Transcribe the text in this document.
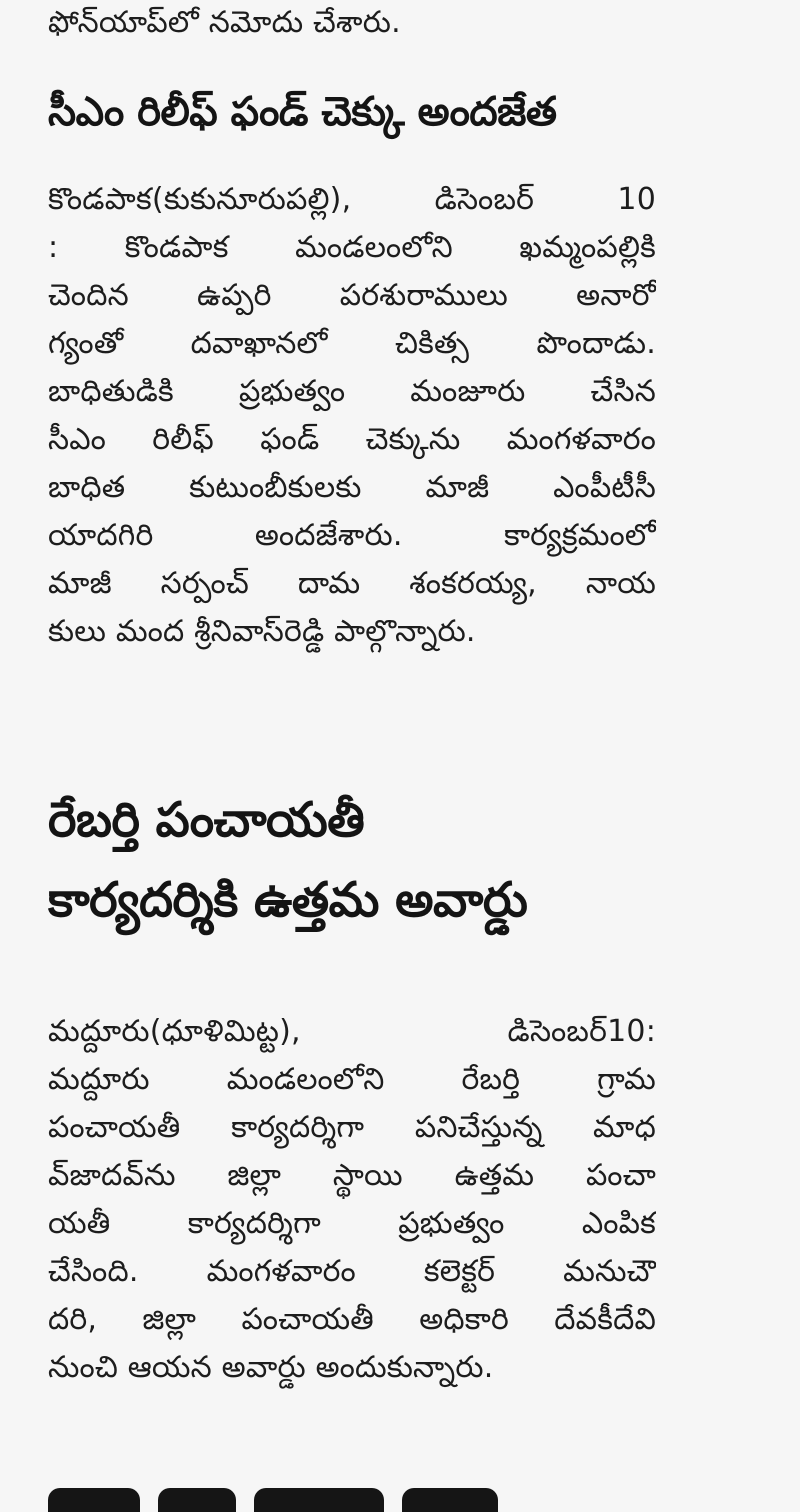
ఫోన్‌యాప్‌లో నమోదు చేశారు.
సీఎం రిలీఫ్ ఫండ్ చెక్కు అందజేత
కొండపాక(కుకునూరుపల్లి), డిసెంబర్ 10
: కొండపాక మండలంలోని ఖమ్మంపల్లికి
చెందిన ఉప్పరి పరశురాములు అనారో
గ్యంతో దవాఖానలో చికిత్స పొందాడు.
బాధితుడికి ప్రభుత్వం మంజూరు చేసిన
సీఎం రిలీఫ్ ఫండ్ చెక్కును మంగళవారం
బాధిత కుటుంబీకులకు మాజీ ఎంపీటీసీ
యాదగిరి అందజేశారు. కార్యక్రమంలో
మాజీ సర్పంచ్ దామ శంకరయ్య, నాయ
కులు మంద శ్రీనివాస్‌రెడ్డి పాల్గొన్నారు.
రేబర్తి పంచాయతీ
కార్యదర్శికి ఉత్తమ అవార్డు
మద్దూరు(ధూళిమిట్ట), డిసెంబర్10:
మద్దూరు మండలంలోని రేబర్తి గ్రామ
పంచాయతీ కార్యదర్శిగా పనిచేస్తున్న మాధ
వ్‌జాదవ్‌ను జిల్లా స్థాయి ఉత్తమ పంచా
యతీ కార్యదర్శిగా ప్రభుత్వం ఎంపిక
చేసింది. మంగళవారం కలెక్టర్ మనుచౌ
దరి, జిల్లా పంచాయతీ అధికారి దేవకీదేవి
నుంచి ఆయన అవార్డు అందుకున్నారు.
